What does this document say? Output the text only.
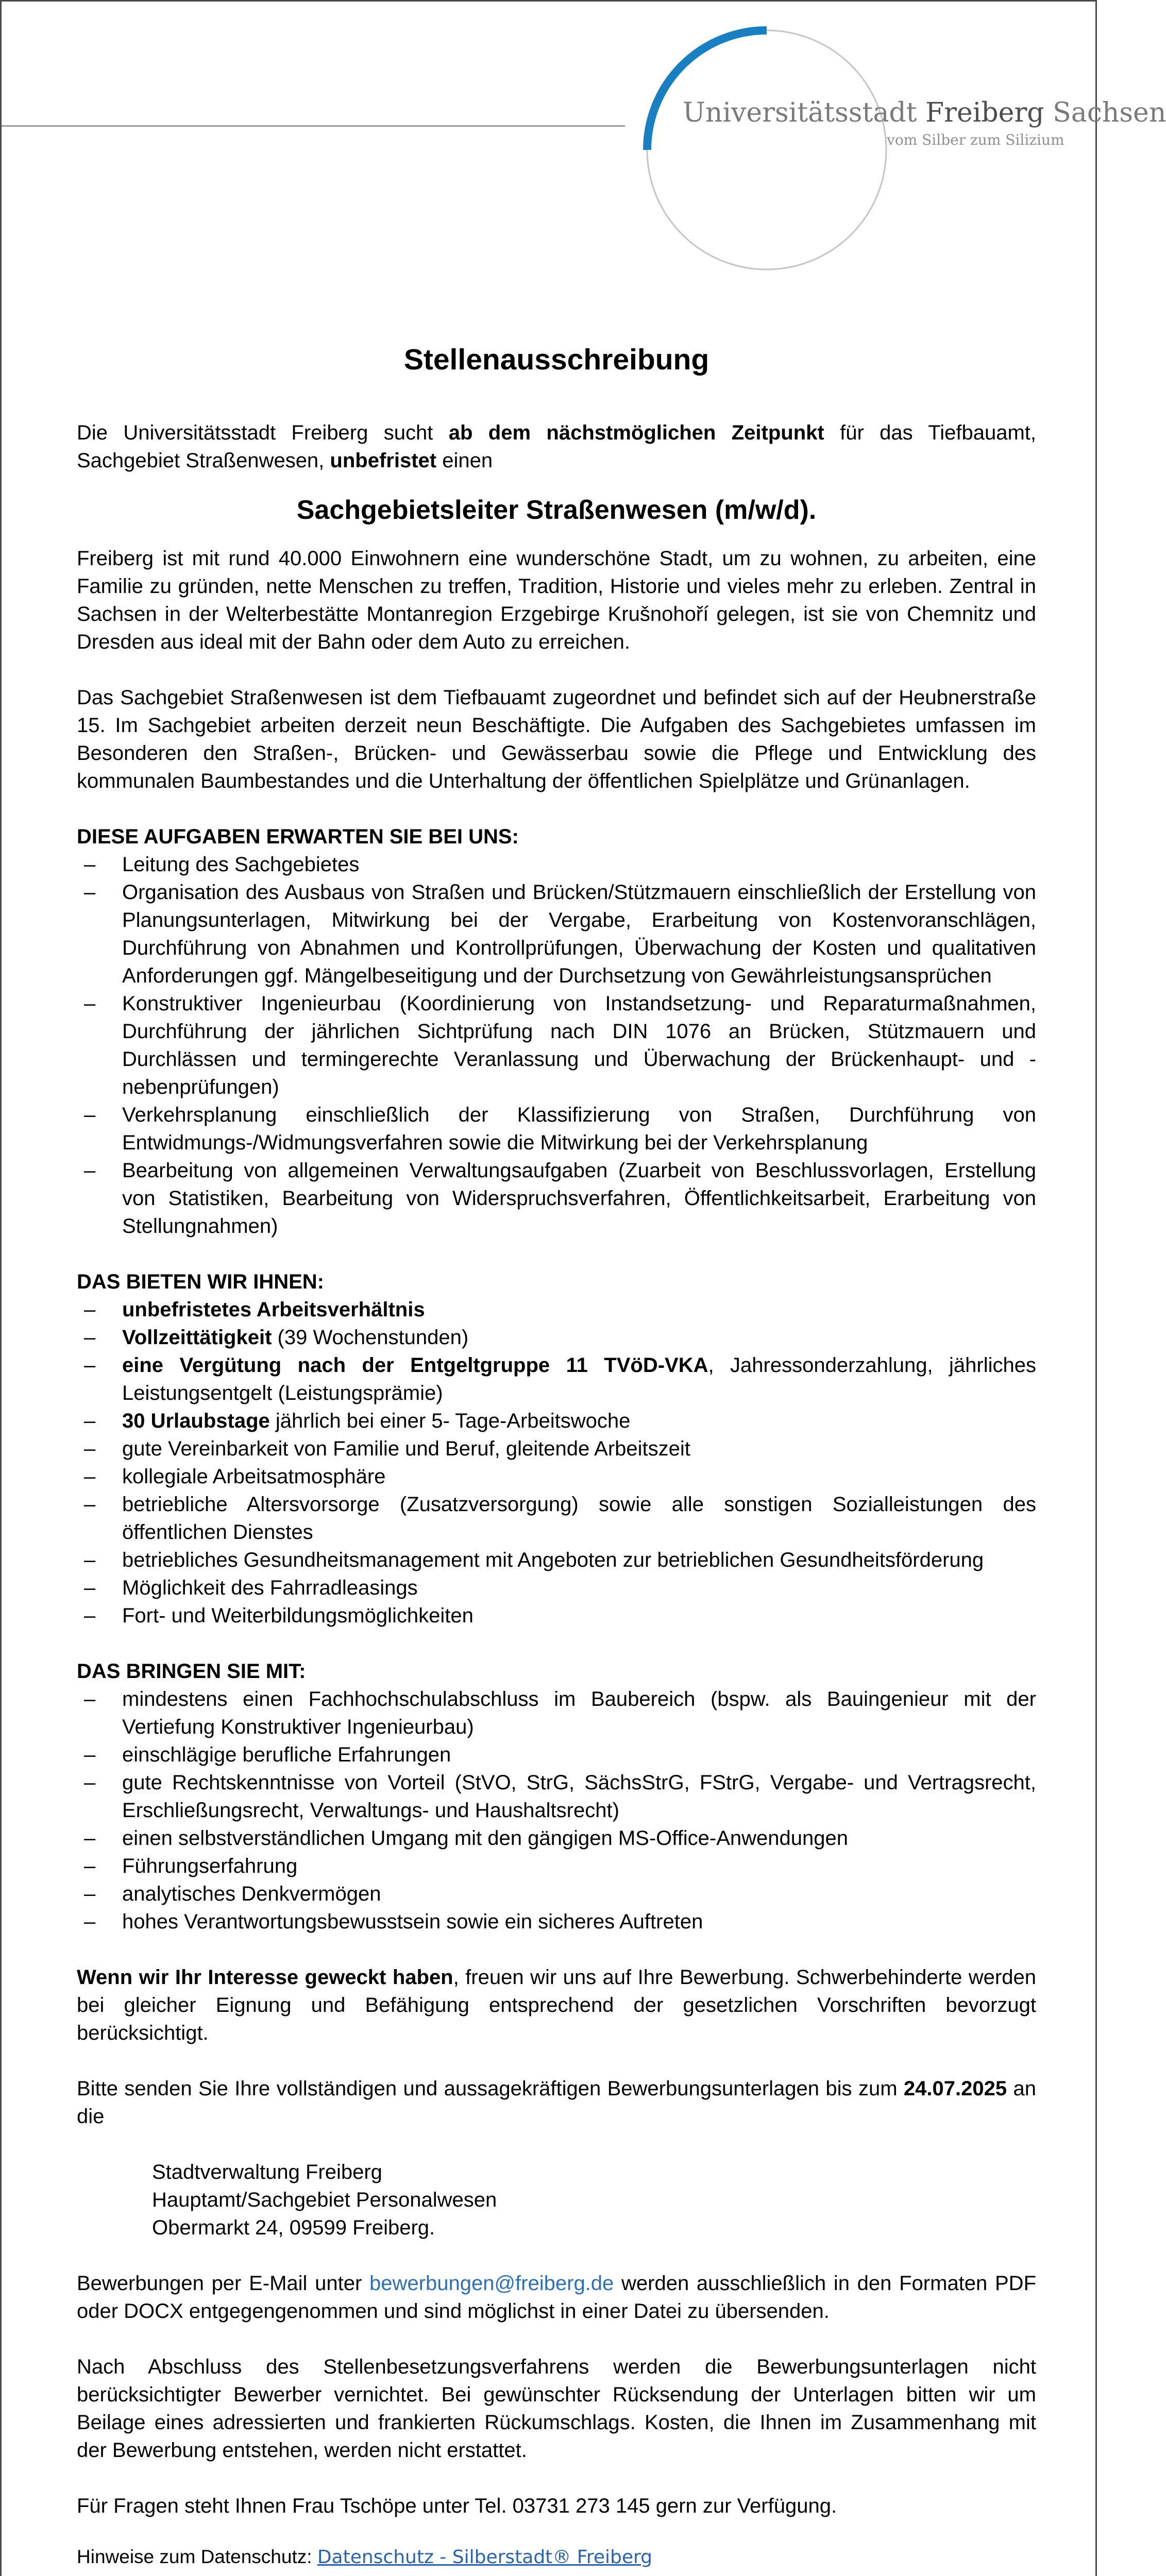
Universitätsstadt Freiberg Sachsen
vom Silber zum Silizium
Stellenausschreibung

Die Universitätsstadt Freiberg sucht ab dem nächstmöglichen Zeitpunkt für das Tiefbauamt, Sachgebiet Straßenwesen, unbefristet einen

Sachgebietsleiter Straßenwesen (m/w/d).

Freiberg ist mit rund 40.000 Einwohnern eine wunderschöne Stadt, um zu wohnen, zu arbeiten, eine Familie zu gründen, nette Menschen zu treffen, Tradition, Historie und vieles mehr zu erleben. Zentral in Sachsen in der Welterbestätte Montanregion Erzgebirge Krušnohoří gelegen, ist sie von Chemnitz und Dresden aus ideal mit der Bahn oder dem Auto zu erreichen.

Das Sachgebiet Straßenwesen ist dem Tiefbauamt zugeordnet und befindet sich auf der Heubnerstraße 15. Im Sachgebiet arbeiten derzeit neun Beschäftigte. Die Aufgaben des Sachgebietes umfassen im Besonderen den Straßen-, Brücken- und Gewässerbau sowie die Pflege und Entwicklung des kommunalen Baumbestandes und die Unterhaltung der öffentlichen Spielplätze und Grünanlagen.

DIESE AUFGABEN ERWARTEN SIE BEI UNS:

– Leitung des Sachgebietes
– Organisation des Ausbaus von Straßen und Brücken/Stützmauern einschließlich der Erstellung von Planungsunterlagen, Mitwirkung bei der Vergabe, Erarbeitung von Kostenvoranschlägen, Durchführung von Abnahmen und Kontrollprüfungen, Überwachung der Kosten und qualitativen Anforderungen ggf. Mängelbeseitigung und der Durchsetzung von Gewährleistungsansprüchen
– Konstruktiver Ingenieurbau (Koordinierung von Instandsetzung- und Reparaturmaßnahmen, Durchführung der jährlichen Sichtprüfung nach DIN 1076 an Brücken, Stützmauern und Durchlässen und termingerechte Veranlassung und Überwachung der Brückenhaupt- und -nebenprüfungen)
– Verkehrsplanung einschließlich der Klassifizierung von Straßen, Durchführung von Entwidmungs-/Widmungsverfahren sowie die Mitwirkung bei der Verkehrsplanung
– Bearbeitung von allgemeinen Verwaltungsaufgaben (Zuarbeit von Beschlussvorlagen, Erstellung von Statistiken, Bearbeitung von Widerspruchsverfahren, Öffentlichkeitsarbeit, Erarbeitung von Stellungnahmen)

DAS BIETEN WIR IHNEN:

– unbefristetes Arbeitsverhältnis
– Vollzeittätigkeit (39 Wochenstunden)
– eine Vergütung nach der Entgeltgruppe 11 TVöD-VKA, Jahressonderzahlung, jährliches Leistungsentgelt (Leistungsprämie)
– 30 Urlaubstage jährlich bei einer 5- Tage-Arbeitswoche
– gute Vereinbarkeit von Familie und Beruf, gleitende Arbeitszeit
– kollegiale Arbeitsatmosphäre
– betriebliche Altersvorsorge (Zusatzversorgung) sowie alle sonstigen Sozialleistungen des öffentlichen Dienstes
– betriebliches Gesundheitsmanagement mit Angeboten zur betrieblichen Gesundheitsförderung
– Möglichkeit des Fahrradleasings
– Fort- und Weiterbildungsmöglichkeiten

DAS BRINGEN SIE MIT:

– mindestens einen Fachhochschulabschluss im Baubereich (bspw. als Bauingenieur mit der Vertiefung Konstruktiver Ingenieurbau)
– einschlägige berufliche Erfahrungen
– gute Rechtskenntnisse von Vorteil (StVO, StrG, SächsStrG, FStrG, Vergabe- und Vertragsrecht, Erschließungsrecht, Verwaltungs- und Haushaltsrecht)
– einen selbstverständlichen Umgang mit den gängigen MS-Office-Anwendungen
– Führungserfahrung
– analytisches Denkvermögen
– hohes Verantwortungsbewusstsein sowie ein sicheres Auftreten

Wenn wir Ihr Interesse geweckt haben, freuen wir uns auf Ihre Bewerbung. Schwerbehinderte werden bei gleicher Eignung und Befähigung entsprechend der gesetzlichen Vorschriften bevorzugt berücksichtigt.

Bitte senden Sie Ihre vollständigen und aussagekräftigen Bewerbungsunterlagen bis zum 24.07.2025 an die

Stadtverwaltung Freiberg
Hauptamt/Sachgebiet Personalwesen
Obermarkt 24, 09599 Freiberg.

Bewerbungen per E-Mail unter bewerbungen@freiberg.de werden ausschließlich in den Formaten PDF oder DOCX entgegengenommen und sind möglichst in einer Datei zu übersenden.

Nach Abschluss des Stellenbesetzungsverfahrens werden die Bewerbungsunterlagen nicht berücksichtigter Bewerber vernichtet. Bei gewünschter Rücksendung der Unterlagen bitten wir um Beilage eines adressierten und frankierten Rückumschlags. Kosten, die Ihnen im Zusammenhang mit der Bewerbung entstehen, werden nicht erstattet.

Für Fragen steht Ihnen Frau Tschöpe unter Tel. 03731 273 145 gern zur Verfügung.

Hinweise zum Datenschutz: Datenschutz - Silberstadt® Freiberg
